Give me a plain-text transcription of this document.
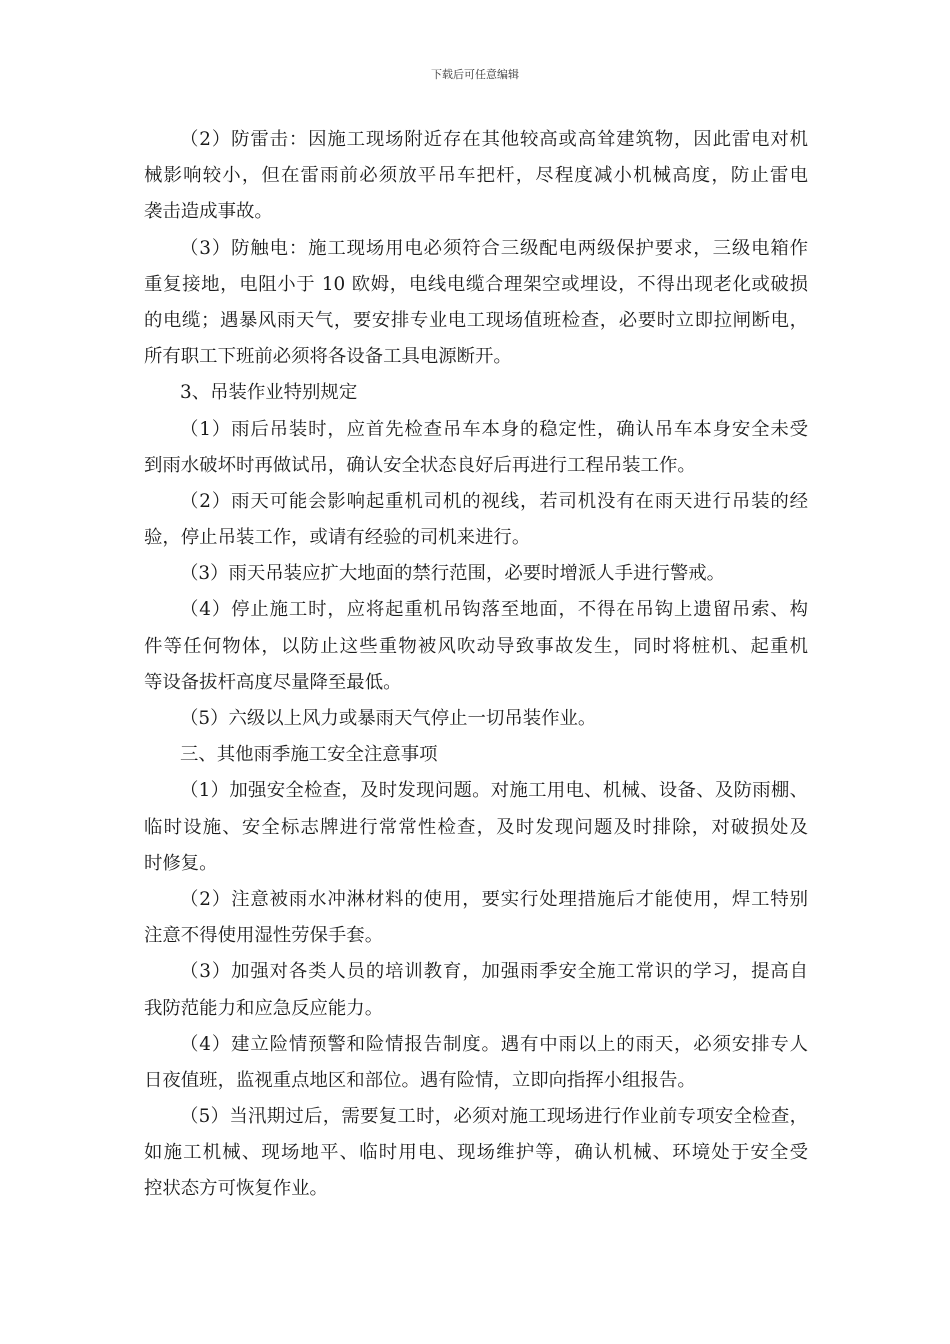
下载后可任意编辑
（2）防雷击：因施工现场附近存在其他较高或高耸建筑物，因此雷电对机
械影响较小，但在雷雨前必须放平吊车把杆，尽程度减小机械高度，防止雷电
袭击造成事故。
（3）防触电：施工现场用电必须符合三级配电两级保护要求，三级电箱作
重复接地，电阻小于 10 欧姆，电线电缆合理架空或埋设，不得出现老化或破损
的电缆；遇暴风雨天气，要安排专业电工现场值班检查，必要时立即拉闸断电，
所有职工下班前必须将各设备工具电源断开。
3、吊装作业特别规定
（1）雨后吊装时，应首先检查吊车本身的稳定性，确认吊车本身安全未受
到雨水破坏时再做试吊，确认安全状态良好后再进行工程吊装工作。
（2）雨天可能会影响起重机司机的视线，若司机没有在雨天进行吊装的经
验，停止吊装工作，或请有经验的司机来进行。
（3）雨天吊装应扩大地面的禁行范围，必要时增派人手进行警戒。
（4）停止施工时，应将起重机吊钩落至地面，不得在吊钩上遗留吊索、构
件等任何物体，以防止这些重物被风吹动导致事故发生，同时将桩机、起重机
等设备拔杆高度尽量降至最低。
（5）六级以上风力或暴雨天气停止一切吊装作业。
三、其他雨季施工安全注意事项
（1）加强安全检查，及时发现问题。对施工用电、机械、设备、及防雨棚、
临时设施、安全标志牌进行常常性检查，及时发现问题及时排除，对破损处及
时修复。
（2）注意被雨水冲淋材料的使用，要实行处理措施后才能使用，焊工特别
注意不得使用湿性劳保手套。
（3）加强对各类人员的培训教育，加强雨季安全施工常识的学习，提高自
我防范能力和应急反应能力。
（4）建立险情预警和险情报告制度。遇有中雨以上的雨天，必须安排专人
日夜值班，监视重点地区和部位。遇有险情，立即向指挥小组报告。
（5）当汛期过后，需要复工时，必须对施工现场进行作业前专项安全检查，
如施工机械、现场地平、临时用电、现场维护等，确认机械、环境处于安全受
控状态方可恢复作业。
